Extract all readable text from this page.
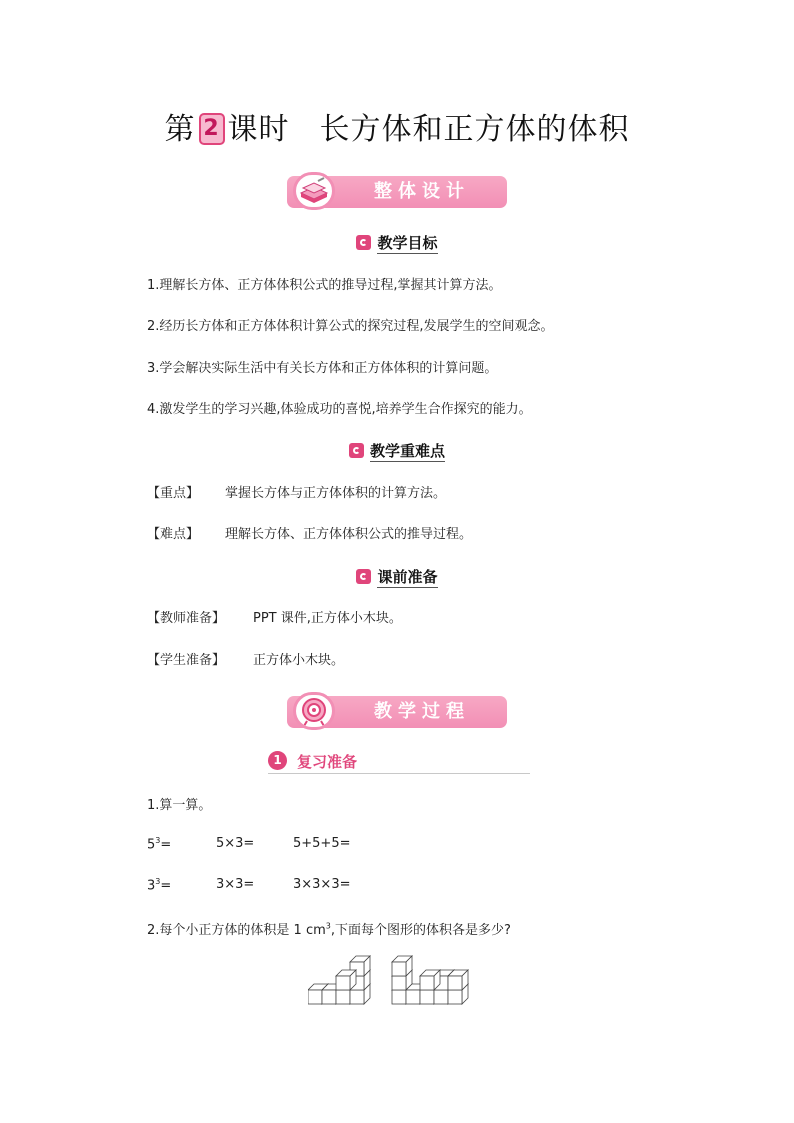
第 2 课时 长方体和正方体的体积
整体设计
教学目标
1.理解长方体、正方体体积公式的推导过程,掌握其计算方法。
2.经历长方体和正方体体积计算公式的探究过程,发展学生的空间观念。
3.学会解决实际生活中有关长方体和正方体体积的计算问题。
4.激发学生的学习兴趣,体验成功的喜悦,培养学生合作探究的能力。
教学重难点
【重点】 掌握长方体与正方体体积的计算方法。
【难点】 理解长方体、正方体体积公式的推导过程。
课前准备
【教师准备】 PPT 课件,正方体小木块。
【学生准备】 正方体小木块。
教学过程
1	复习准备
1.算一算。
$5^3=$	5×3=	5+5+5=

$3^3=$	3×3=	3×3×3=

2.每个小正方体的体积是 1 $cm^3$,下面每个图形的体积各是多少?
